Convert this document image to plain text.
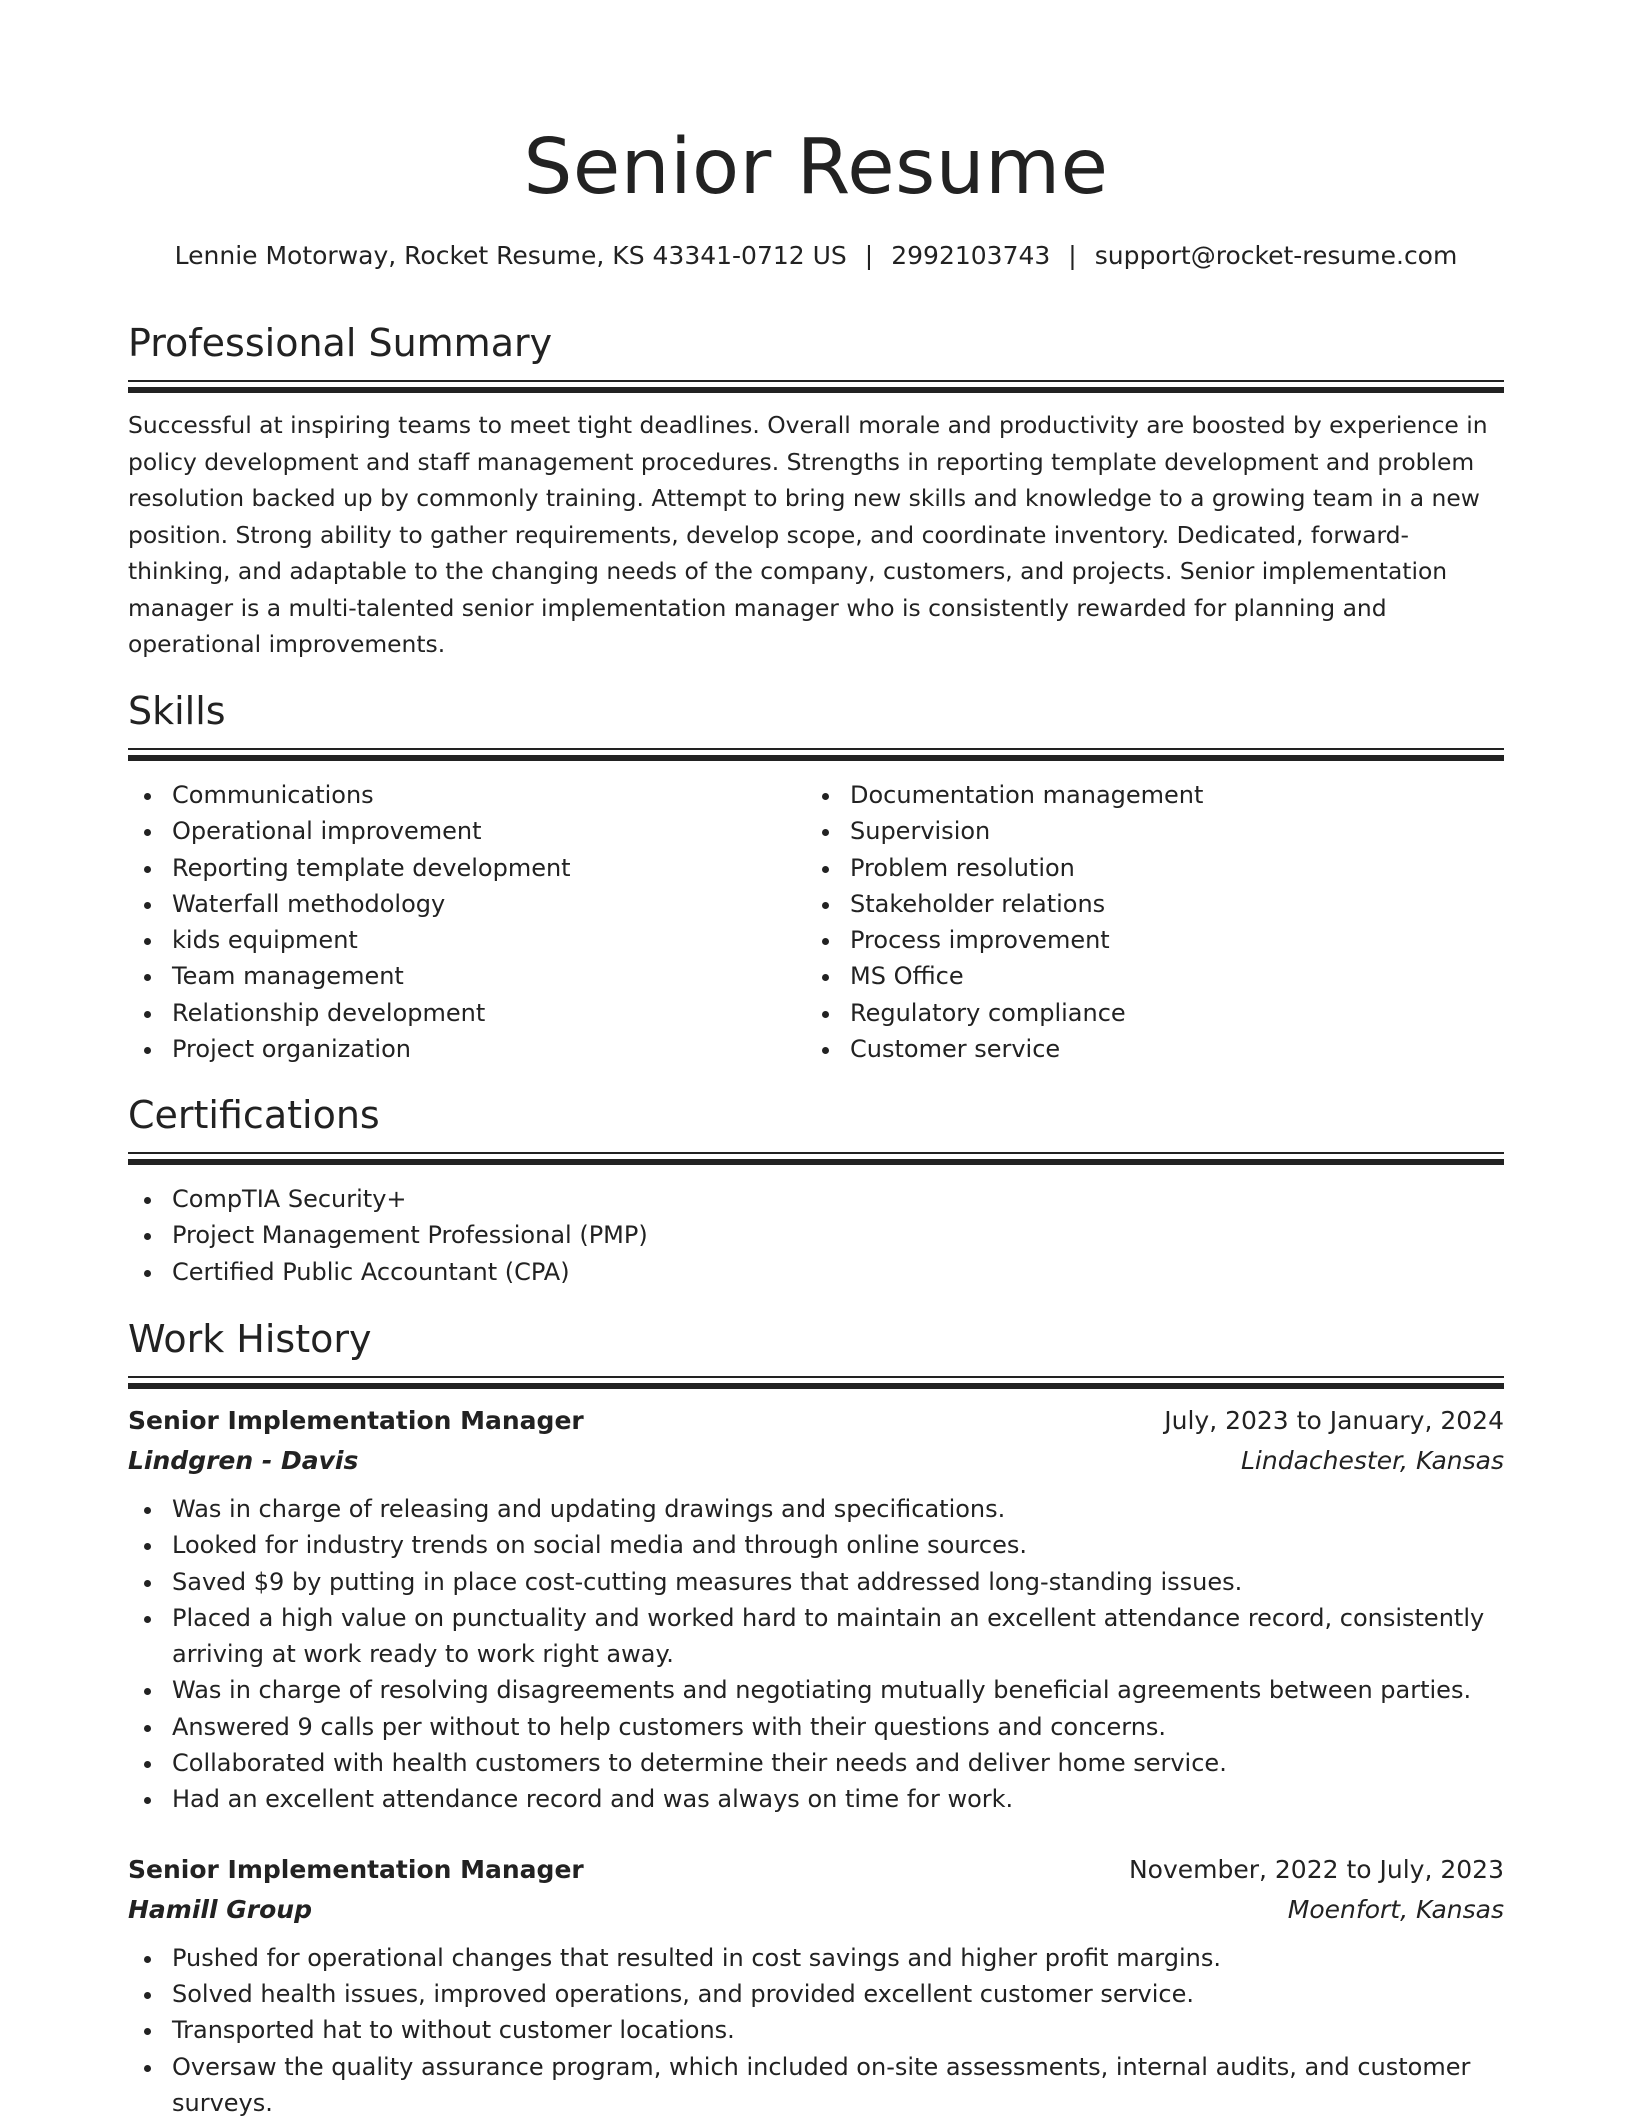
Senior Resume
Lennie Motorway, Rocket Resume, KS 43341-0712 US | 2992103743 | support@rocket-resume.com
Professional Summary

Successful at inspiring teams to meet tight deadlines. Overall morale and productivity are boosted by experience in policy development and staff management procedures. Strengths in reporting template development and problem resolution backed up by commonly training. Attempt to bring new skills and knowledge to a growing team in a new position. Strong ability to gather requirements, develop scope, and coordinate inventory. Dedicated, forward-thinking, and adaptable to the changing needs of the company, customers, and projects. Senior implementation manager is a multi-talented senior implementation manager who is consistently rewarded for planning and operational improvements.

Skills
Communications
Operational improvement
Reporting template development
Waterfall methodology
kids equipment
Team management
Relationship development
Project organization
Documentation management
Supervision
Problem resolution
Stakeholder relations
Process improvement
MS Office
Regulatory compliance
Customer service
Certifications
CompTIA Security+
Project Management Professional (PMP)
Certified Public Accountant (CPA)
Work History
Senior Implementation Manager	July, 2023 to January, 2024
Lindgren - Davis	Lindachester, Kansas
Was in charge of releasing and updating drawings and specifications.
Looked for industry trends on social media and through online sources.
Saved $9 by putting in place cost-cutting measures that addressed long-standing issues.
Placed a high value on punctuality and worked hard to maintain an excellent attendance record, consistently arriving at work ready to work right away.
Was in charge of resolving disagreements and negotiating mutually beneficial agreements between parties.
Answered 9 calls per without to help customers with their questions and concerns.
Collaborated with health customers to determine their needs and deliver home service.
Had an excellent attendance record and was always on time for work.
Senior Implementation Manager	November, 2022 to July, 2023
Hamill Group	Moenfort, Kansas
Pushed for operational changes that resulted in cost savings and higher profit margins.
Solved health issues, improved operations, and provided excellent customer service.
Transported hat to without customer locations.
Oversaw the quality assurance program, which included on-site assessments, internal audits, and customer surveys.
